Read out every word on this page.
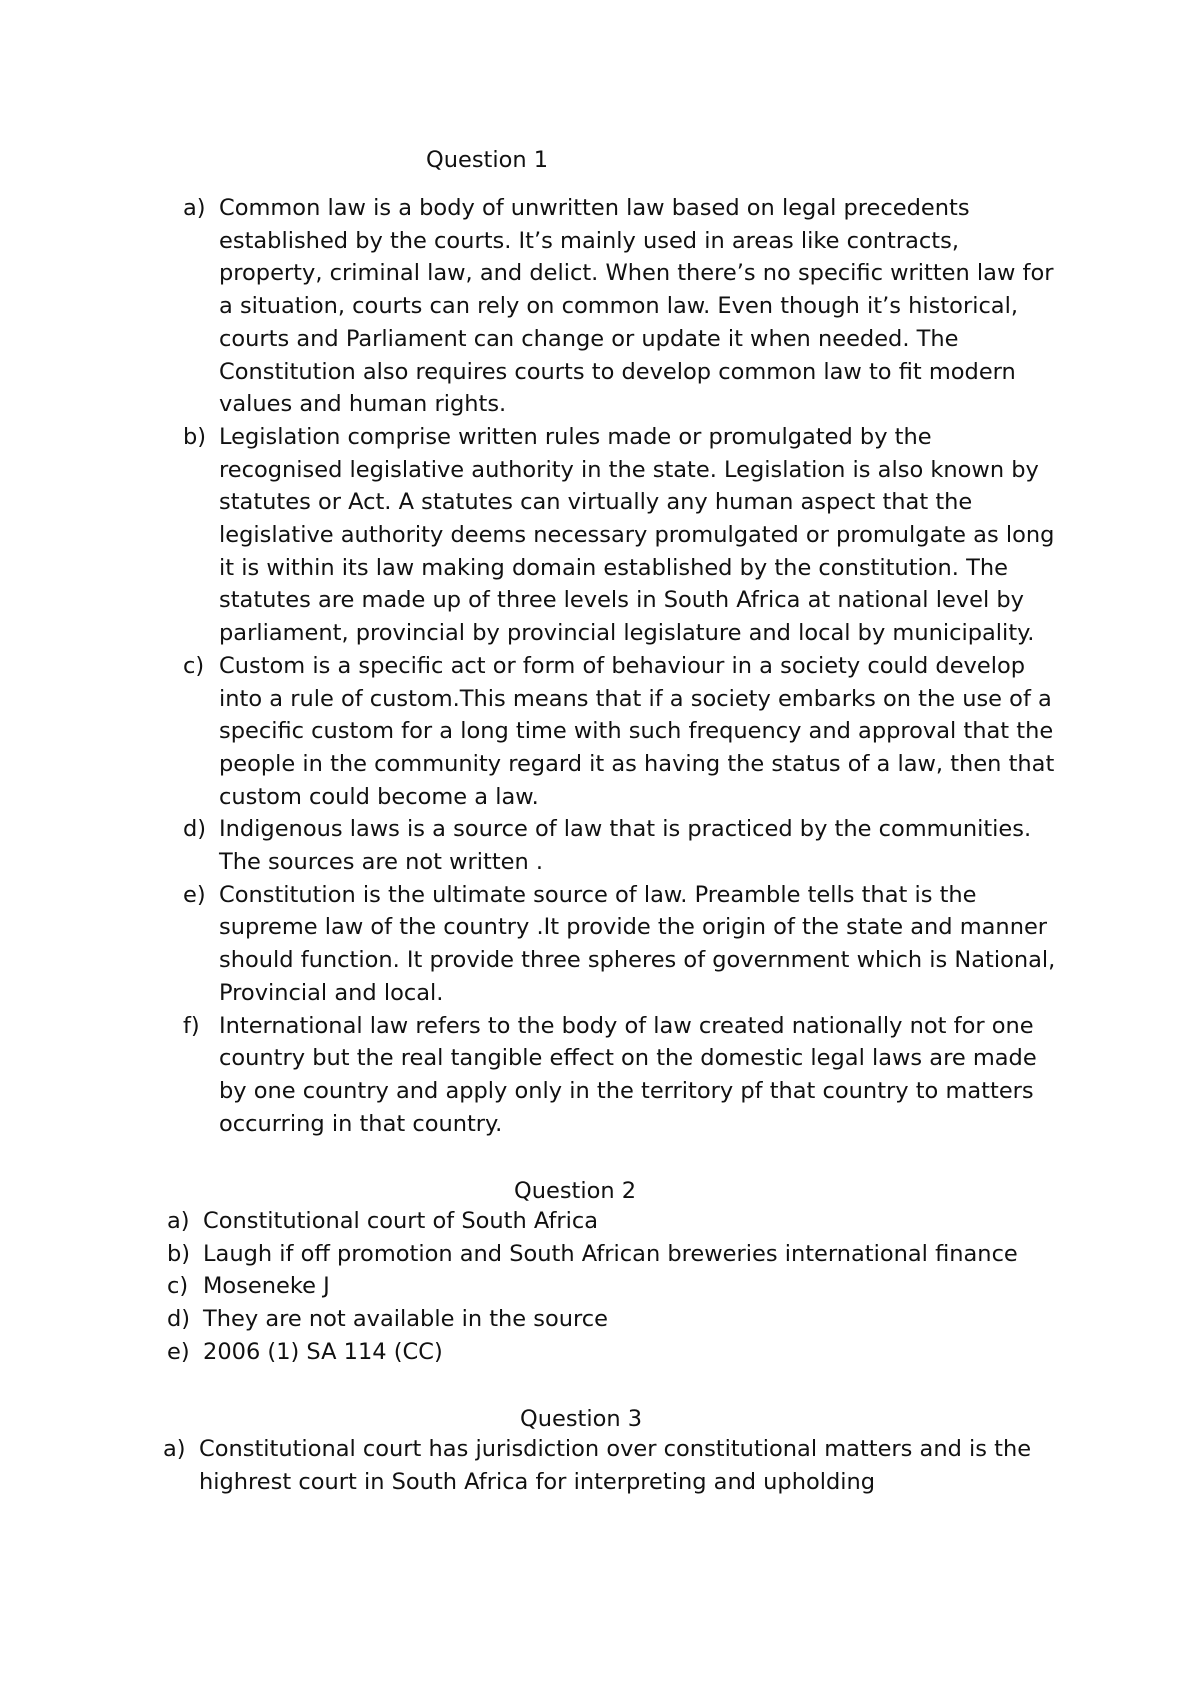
Question 1
a) Common law is a body of unwritten law based on legal precedents established by the courts. It’s mainly used in areas like contracts, property, criminal law, and delict. When there’s no specific written law for a situation, courts can rely on common law. Even though it’s historical, courts and Parliament can change or update it when needed. The Constitution also requires courts to develop common law to fit modern values and human rights.
b) Legislation comprise written rules made or promulgated by the recognised legislative authority in the state. Legislation is also known by statutes or Act. A statutes can virtually any human aspect that the legislative authority deems necessary promulgated or promulgate as long it is within its law making domain established by the constitution. The statutes are made up of three levels in South Africa at national level by parliament, provincial by provincial legislature and local by municipality.
c) Custom is a specific act or form of behaviour in a society could develop into a rule of custom.This means that if a society embarks on the use of a specific custom for a long time with such frequency and approval that the people in the community regard it as having the status of a law, then that custom could become a law.
d) Indigenous laws is a source of law that is practiced by the communities. The sources are not written .
e) Constitution is the ultimate source of law. Preamble tells that is the supreme law of the country .It provide the origin of the state and manner should function. It provide three spheres of government which is National, Provincial and local.
f) International law refers to the body of law created nationally not for one country but the real tangible effect on the domestic legal laws are made by one country and apply only in the territory pf that country to matters occurring in that country.
Question 2
a) Constitutional court of South Africa
b) Laugh if off promotion and South African breweries international finance
c) Moseneke J
d) They are not available in the source
e) 2006 (1) SA 114 (CC)
Question 3
a) Constitutional court has jurisdiction over constitutional matters and is the highrest court in South Africa for interpreting and upholding
